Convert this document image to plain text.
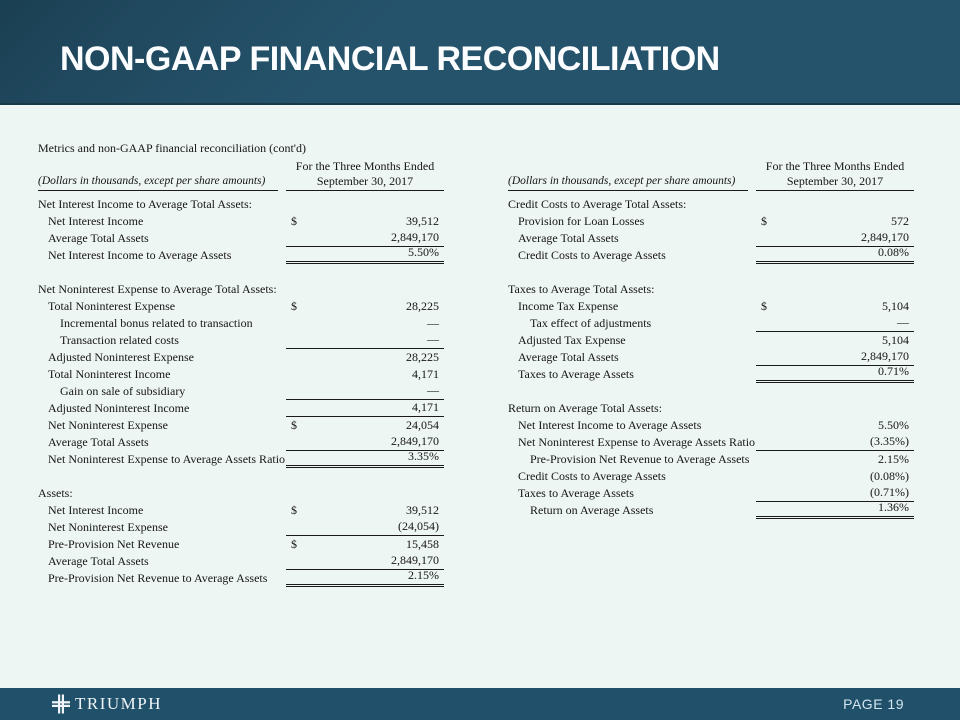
NON-GAAP FINANCIAL RECONCILIATION
Metrics and non-GAAP financial reconciliation (cont'd)
For the Three Months Ended
(Dollars in thousands, except per share amounts)	September 30, 2017
Net Interest Income to Average Total Assets:
Net Interest Income	$	39,512
Average Total Assets	2,849,170
Net Interest Income to Average Assets	5.50%
Net Noninterest Expense to Average Total Assets:
Total Noninterest Expense	$	28,225
Incremental bonus related to transaction	—
Transaction related costs	—
Adjusted Noninterest Expense	28,225
Total Noninterest Income	4,171
Gain on sale of subsidiary	—
Adjusted Noninterest Income	4,171
Net Noninterest Expense	$	24,054
Average Total Assets	2,849,170
Net Noninterest Expense to Average Assets Ratio	3.35%
Assets:
Net Interest Income	$	39,512
Net Noninterest Expense	(24,054)
Pre-Provision Net Revenue	$	15,458
Average Total Assets	2,849,170
Pre-Provision Net Revenue to Average Assets	2.15%
For the Three Months Ended
(Dollars in thousands, except per share amounts)	September 30, 2017
Credit Costs to Average Total Assets:
Provision for Loan Losses	$	572
Average Total Assets	2,849,170
Credit Costs to Average Assets	0.08%
Taxes to Average Total Assets:
Income Tax Expense	$	5,104
Tax effect of adjustments	—
Adjusted Tax Expense	5,104
Average Total Assets	2,849,170
Taxes to Average Assets	0.71%
Return on Average Total Assets:
Net Interest Income to Average Assets	5.50%
Net Noninterest Expense to Average Assets Ratio	(3.35%)
Pre-Provision Net Revenue to Average Assets	2.15%
Credit Costs to Average Assets	(0.08%)
Taxes to Average Assets	(0.71%)
Return on Average Assets	1.36%
TRIUMPH	PAGE 19
